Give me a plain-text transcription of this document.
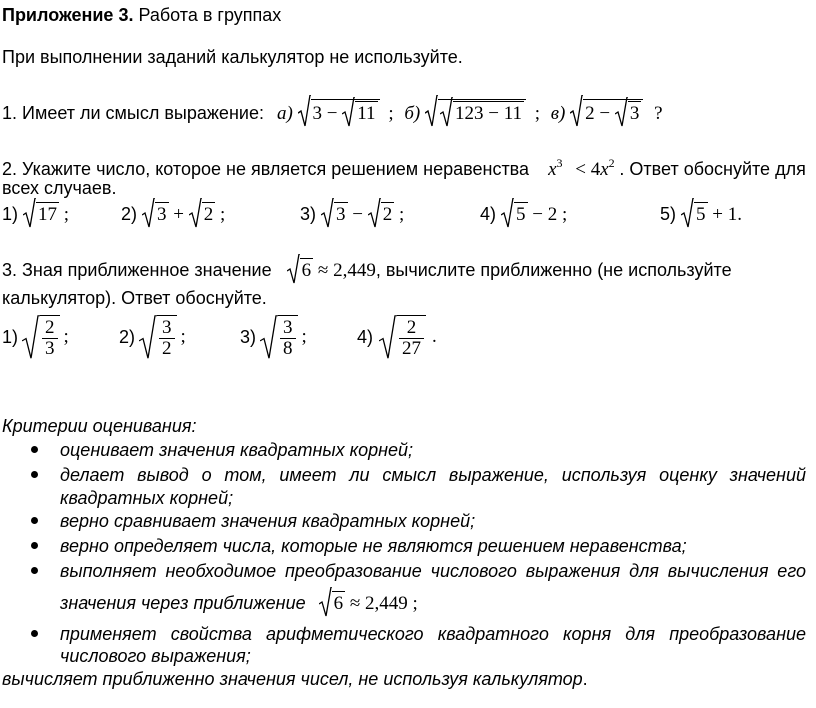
Приложение 3. Работа в группах
При выполнении заданий калькулятор не используйте.
1. Имеет ли смысл выражение: а) 3 −
11 ; б) 123 − 11 ; в) 2 −
3 ?
2. Укажите число, которое не является решением неравенства $x^3 < 4x^2$ . Ответ обоснуйте для
всех случаев.
1) 17 ;	2) 3 + 2 ;	3) 3 − 2 ;	4) 5 − 2 ;	5) 5 + 1.
3. Зная приближенное значение 6 ≈ 2,449, вычислите приближенно (не используйте
калькулятор). Ответ обоснуйте.
$1) \frac{2}{3}$ ;	$2) \frac{3}{2}$ ;	$3) \frac{3}{8}$ ;	$4) \frac{2}{27}$ .
Критерии оценивания:
оценивает значения квадратных корней;
делает вывод о том, имеет ли смысл выражение, используя оценку значений
квадратных корней;
верно сравнивает значения квадратных корней;
верно определяет числа, которые не являются решением неравенства;
выполняет необходимое преобразование числового выражения для вычисления его
значения через приближение 6 ≈ 2,449 ;
применяет свойства арифметического квадратного корня для преобразование
числового выражения;
вычисляет приближенно значения чисел, не используя калькулятор.
